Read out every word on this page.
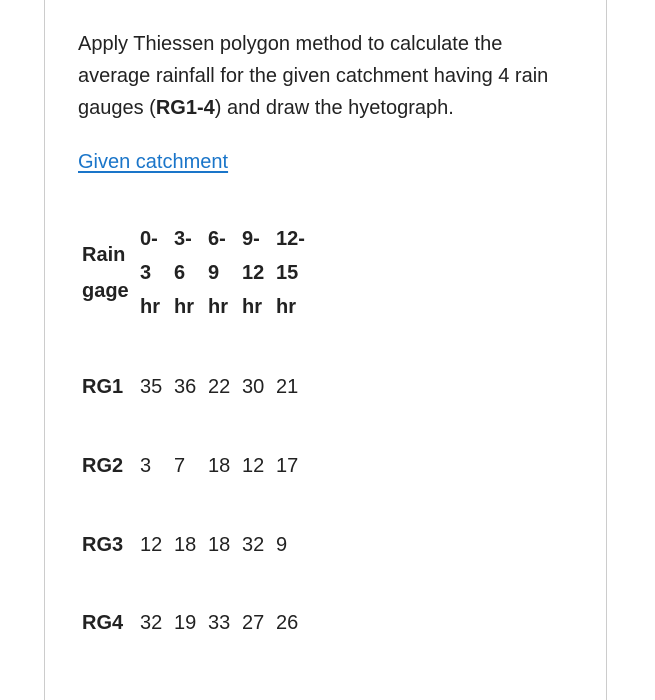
Apply Thiessen polygon method to calculate the average rainfall for the given catchment having 4 rain gauges (RG1-4) and draw the hyetograph.
Given catchment
Rain
gage
0-
3
hr
3-
6
hr
6-
9
hr
9-
12
hr
12-
15
hr
RG1 35 36 22 30 21
RG2 3 7 18 12 17
RG3 12 18 18 32 9
RG4 32 19 33 27 26
